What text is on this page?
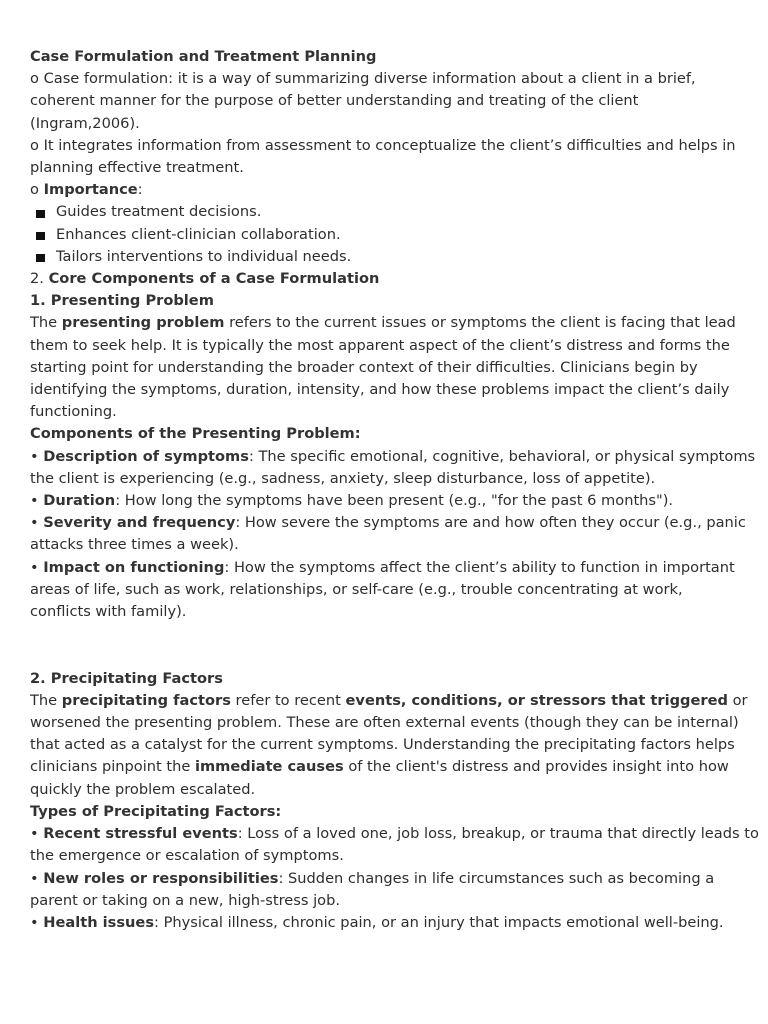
Case Formulation and Treatment Planning
o Case formulation: it is a way of summarizing diverse information about a client in a brief,
coherent manner for the purpose of better understanding and treating of the client
(Ingram,2006).
o It integrates information from assessment to conceptualize the client’s difficulties and helps in
planning effective treatment.
o Importance:
Guides treatment decisions.
Enhances client-clinician collaboration.
Tailors interventions to individual needs.
2. Core Components of a Case Formulation
1. Presenting Problem
The presenting problem refers to the current issues or symptoms the client is facing that lead
them to seek help. It is typically the most apparent aspect of the client’s distress and forms the
starting point for understanding the broader context of their difficulties. Clinicians begin by
identifying the symptoms, duration, intensity, and how these problems impact the client’s daily
functioning.
Components of the Presenting Problem:
• Description of symptoms: The specific emotional, cognitive, behavioral, or physical symptoms
the client is experiencing (e.g., sadness, anxiety, sleep disturbance, loss of appetite).
• Duration: How long the symptoms have been present (e.g., "for the past 6 months").
• Severity and frequency: How severe the symptoms are and how often they occur (e.g., panic
attacks three times a week).
• Impact on functioning: How the symptoms affect the client’s ability to function in important
areas of life, such as work, relationships, or self-care (e.g., trouble concentrating at work,
conflicts with family).
2. Precipitating Factors
The precipitating factors refer to recent events, conditions, or stressors that triggered or
worsened the presenting problem. These are often external events (though they can be internal)
that acted as a catalyst for the current symptoms. Understanding the precipitating factors helps
clinicians pinpoint the immediate causes of the client's distress and provides insight into how
quickly the problem escalated.
Types of Precipitating Factors:
• Recent stressful events: Loss of a loved one, job loss, breakup, or trauma that directly leads to
the emergence or escalation of symptoms.
• New roles or responsibilities: Sudden changes in life circumstances such as becoming a
parent or taking on a new, high-stress job.
• Health issues: Physical illness, chronic pain, or an injury that impacts emotional well-being.
